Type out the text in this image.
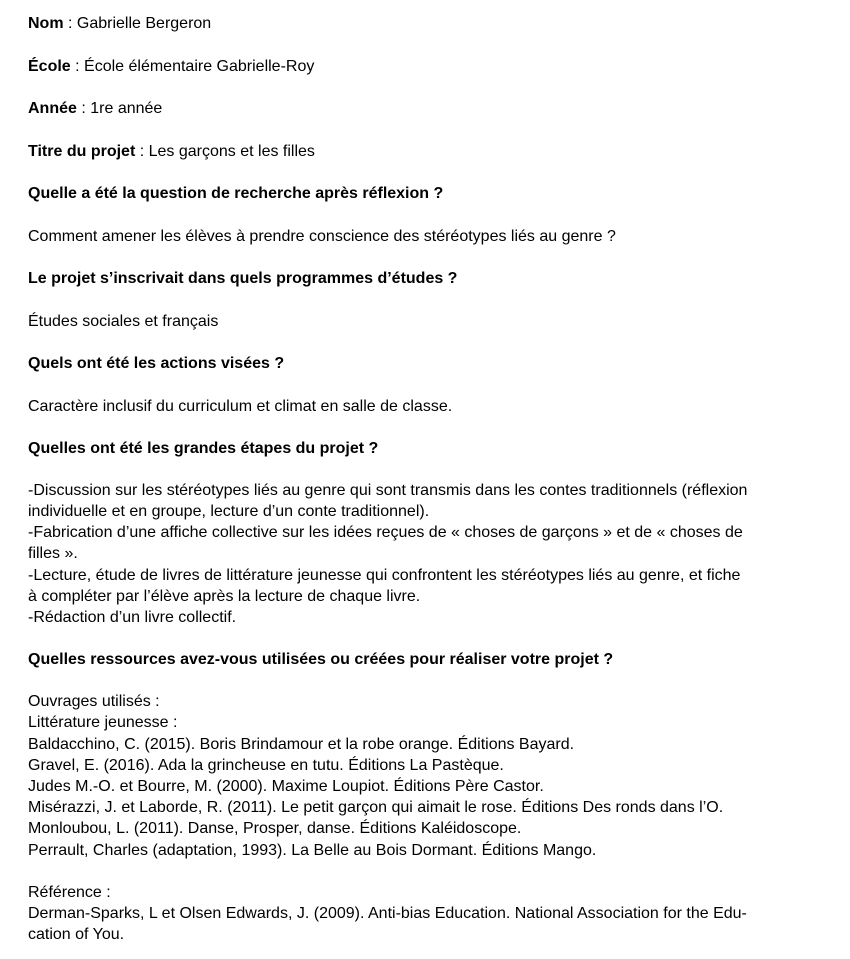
Nom : Gabrielle Bergeron
École : École élémentaire Gabrielle-Roy
Année : 1re année
Titre du projet : Les garçons et les filles
Quelle a été la question de recherche après réflexion ?
Comment amener les élèves à prendre conscience des stéréotypes liés au genre ?
Le projet s’inscrivait dans quels programmes d’études ?
Études sociales et français
Quels ont été les actions visées ?
Caractère inclusif du curriculum et climat en salle de classe.
Quelles ont été les grandes étapes du projet ?
-Discussion sur les stéréotypes liés au genre qui sont transmis dans les contes traditionnels (réflexion
individuelle et en groupe, lecture d’un conte traditionnel).
-Fabrication d’une affiche collective sur les idées reçues de « choses de garçons » et de « choses de
filles ».
-Lecture, étude de livres de littérature jeunesse qui confrontent les stéréotypes liés au genre, et fiche
à compléter par l’élève après la lecture de chaque livre.
-Rédaction d’un livre collectif.
Quelles ressources avez-vous utilisées ou créées pour réaliser votre projet ?
Ouvrages utilisés :
Littérature jeunesse :
Baldacchino, C. (2015). Boris Brindamour et la robe orange. Éditions Bayard.
Gravel, E. (2016). Ada la grincheuse en tutu. Éditions La Pastèque.
Judes M.-O. et Bourre, M. (2000). Maxime Loupiot. Éditions Père Castor.
Misérazzi, J. et Laborde, R. (2011). Le petit garçon qui aimait le rose. Éditions Des ronds dans l’O.
Monloubou, L. (2011). Danse, Prosper, danse. Éditions Kaléidoscope.
Perrault, Charles (adaptation, 1993). La Belle au Bois Dormant. Éditions Mango.
Référence :
Derman-Sparks, L et Olsen Edwards, J. (2009). Anti-bias Education. National Association for the Edu-
cation of You.
